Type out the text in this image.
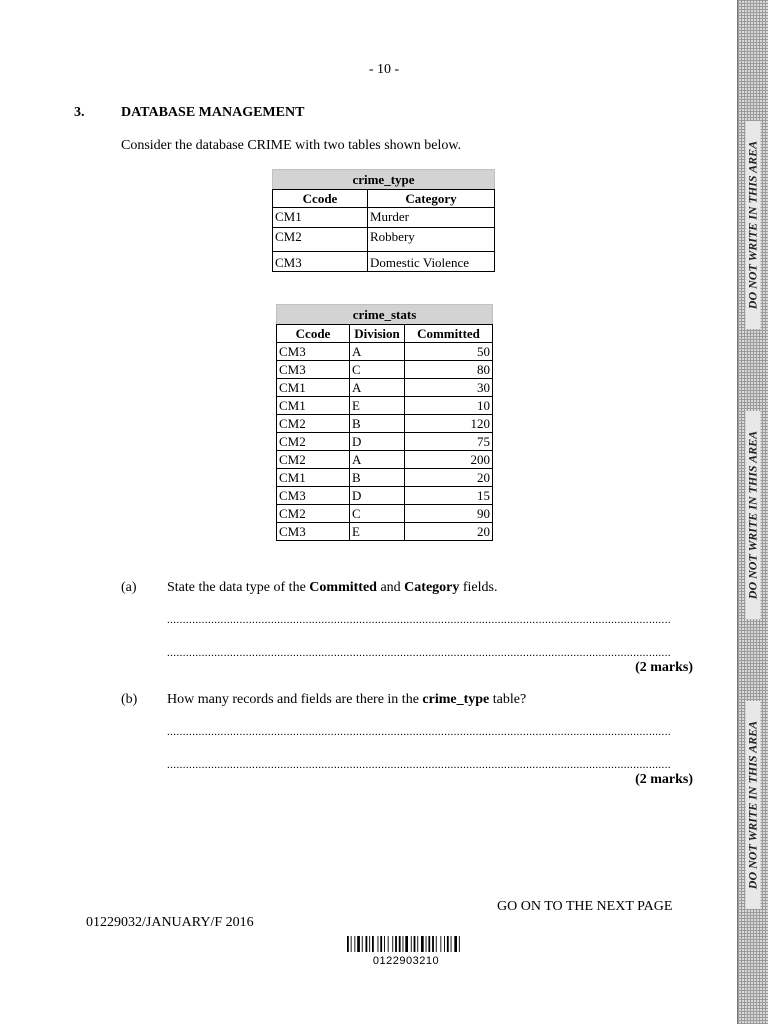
- 10 -
3.	DATABASE MANAGEMENT
Consider the database CRIME with two tables shown below.
crime_type
Ccode	Category
CM1	Murder
CM2	Robbery
CM3	Domestic Violence
crime_stats
Ccode	Division	Committed
CM3	A	50
CM3	C	80
CM1	A	30
CM1	E	10
CM2	B	120
CM2	D	75
CM2	A	200
CM1	B	20
CM3	D	15
CM2	C	90
CM3	E	20
(a) State the data type of the Committed and Category fields.
................................................................................................................................................................
................................................................................................................................................................
(2 marks)
(b) How many records and fields are there in the crime_type table?
................................................................................................................................................................
................................................................................................................................................................
(2 marks)
GO ON TO THE NEXT PAGE
01229032/JANUARY/F 2016
0122903210
DO NOT WRITE IN THIS AREA
DO NOT WRITE IN THIS AREA
DO NOT WRITE IN THIS AREA
